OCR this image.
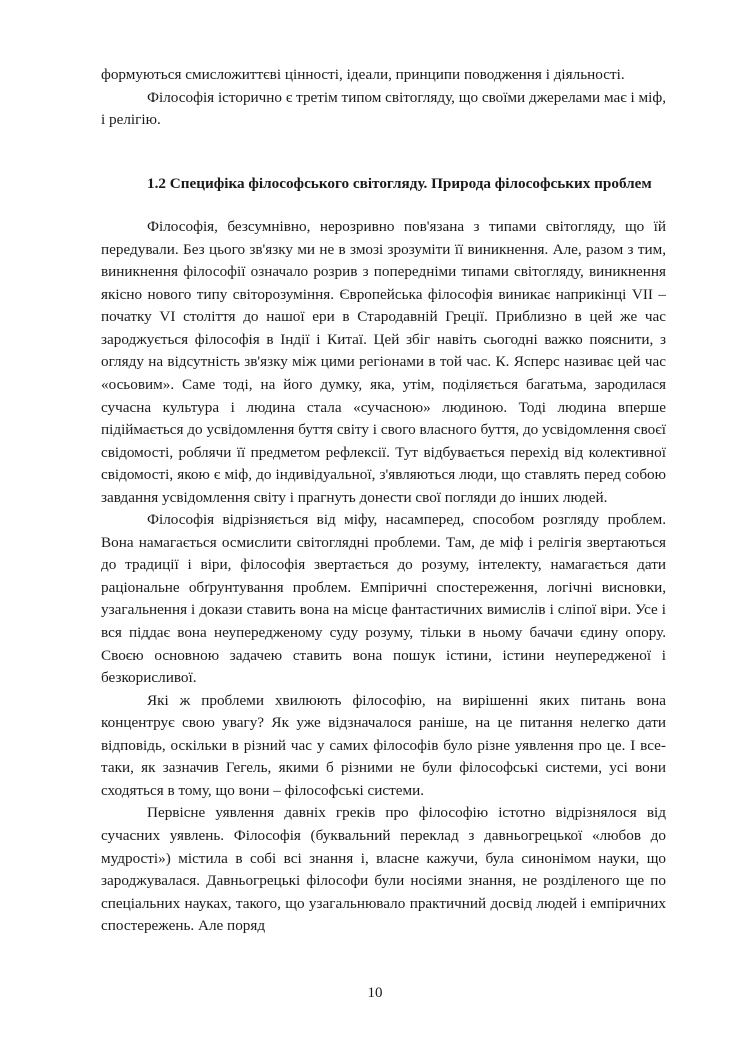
формуються смисложиттєві цінності, ідеали, принципи поводження і діяльності.

Філософія історично є третім типом світогляду, що своїми джерелами має і міф, і релігію.

1.2 Специфіка філософського світогляду. Природа філософських проблем

Філософія, безсумнівно, нерозривно пов'язана з типами світогляду, що їй передували. Без цього зв'язку ми не в змозі зрозуміти її виникнення. Але, разом з тим, виникнення філософії означало розрив з попередніми типами світогляду, виникнення якісно нового типу світорозуміння. Європейська філософія виникає наприкінці VII – початку VI століття до нашої ери в Стародавній Греції. Приблизно в цей же час зароджується філософія в Індії і Китаї. Цей збіг навіть сьогодні важко пояснити, з огляду на відсутність зв'язку між цими регіонами в той час. К. Ясперс називає цей час «осьовим». Саме тоді, на його думку, яка, утім, поділяється багатьма, зародилася сучасна культура і людина стала «сучасною» людиною. Тоді людина вперше підіймається до усвідомлення буття світу і свого власного буття, до усвідомлення своєї свідомості, роблячи її предметом рефлексії. Тут відбувається перехід від колективної свідомості, якою є міф, до індивідуальної, з'являються люди, що ставлять перед собою завдання усвідомлення світу і прагнуть донести свої погляди до інших людей.

Філософія відрізняється від міфу, насамперед, способом розгляду проблем. Вона намагається осмислити світоглядні проблеми. Там, де міф і релігія звертаються до традиції і віри, філософія звертається до розуму, інтелекту, намагається дати раціональне обґрунтування проблем. Емпіричні спостереження, логічні висновки, узагальнення і докази ставить вона на місце фантастичних вимислів і сліпої віри. Усе і вся піддає вона неупередженому суду розуму, тільки в ньому бачачи єдину опору. Своєю основною задачею ставить вона пошук істини, істини неупередженої і безкорисливої.

Які ж проблеми хвилюють філософію, на вирішенні яких питань вона концентрує свою увагу? Як уже відзначалося раніше, на це питання нелегко дати відповідь, оскільки в різний час у самих філософів було різне уявлення про це. І все-таки, як зазначив Гегель, якими б різними не були філософські системи, усі вони сходяться в тому, що вони – філософські системи.

Первісне уявлення давніх греків про філософію істотно відрізнялося від сучасних уявлень. Філософія (буквальний переклад з давньогрецької «любов до мудрості») містила в собі всі знання і, власне кажучи, була синонімом науки, що зароджувалася. Давньогрецькі філософи були носіями знання, не розділеного ще по спеціальних науках, такого, що узагальнювало практичний досвід людей і емпіричних спостережень. Але поряд

10
